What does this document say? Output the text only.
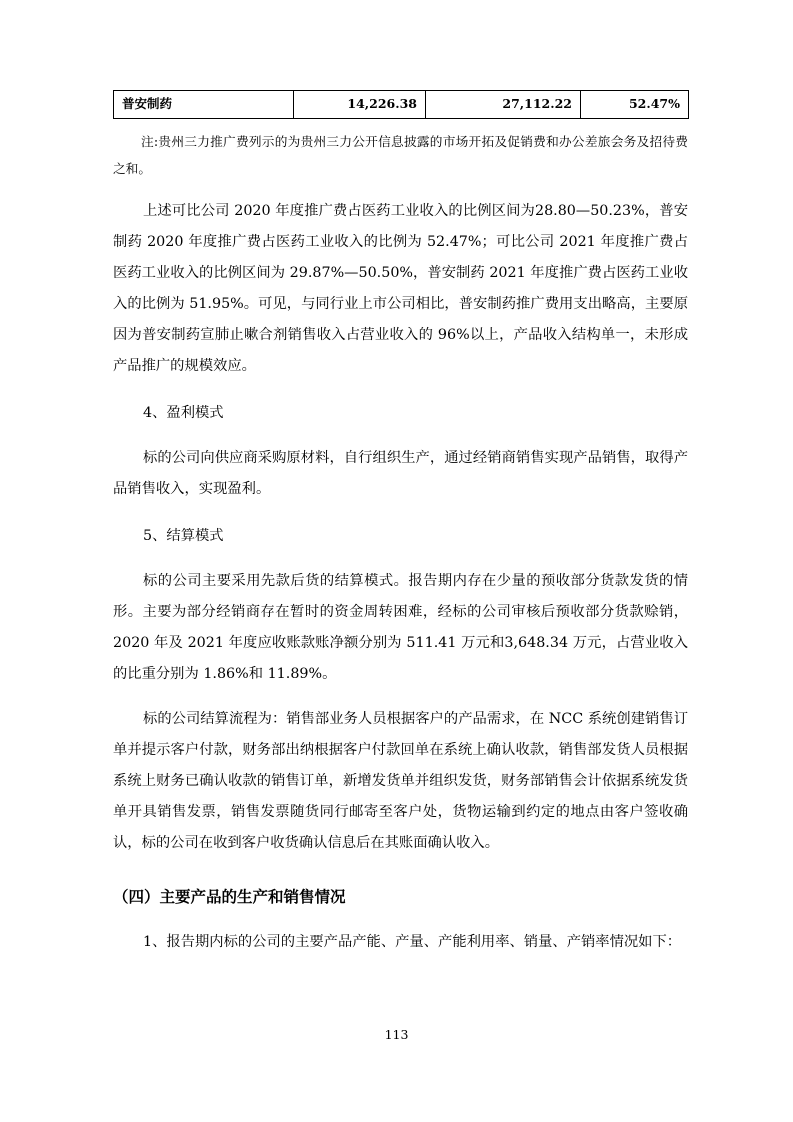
普安制药	14,226.38	27,112.22	52.47%

注:贵州三力推广费列示的为贵州三力公开信息披露的市场开拓及促销费和办公差旅会务及招待费之和。

上述可比公司 2020 年度推广费占医药工业收入的比例区间为28.80—50.23%，普安制药 2020 年度推广费占医药工业收入的比例为 52.47%；可比公司 2021 年度推广费占医药工业收入的比例区间为 29.87%—50.50%，普安制药 2021 年度推广费占医药工业收入的比例为 51.95%。可见，与同行业上市公司相比，普安制药推广费用支出略高，主要原因为普安制药宣肺止嗽合剂销售收入占营业收入的 96%以上，产品收入结构单一，未形成产品推广的规模效应。

4、盈利模式

标的公司向供应商采购原材料，自行组织生产，通过经销商销售实现产品销售，取得产品销售收入，实现盈利。

5、结算模式

标的公司主要采用先款后货的结算模式。报告期内存在少量的预收部分货款发货的情形。主要为部分经销商存在暂时的资金周转困难，经标的公司审核后预收部分货款赊销，2020 年及 2021 年度应收账款账净额分别为 511.41 万元和3,648.34 万元，占营业收入的比重分别为 1.86%和 11.89%。

标的公司结算流程为：销售部业务人员根据客户的产品需求，在 NCC 系统创建销售订单并提示客户付款，财务部出纳根据客户付款回单在系统上确认收款，销售部发货人员根据系统上财务已确认收款的销售订单，新增发货单并组织发货，财务部销售会计依据系统发货单开具销售发票，销售发票随货同行邮寄至客户处，货物运输到约定的地点由客户签收确认，标的公司在收到客户收货确认信息后在其账面确认收入。

（四）主要产品的生产和销售情况

1、报告期内标的公司的主要产品产能、产量、产能利用率、销量、产销率情况如下：

113
